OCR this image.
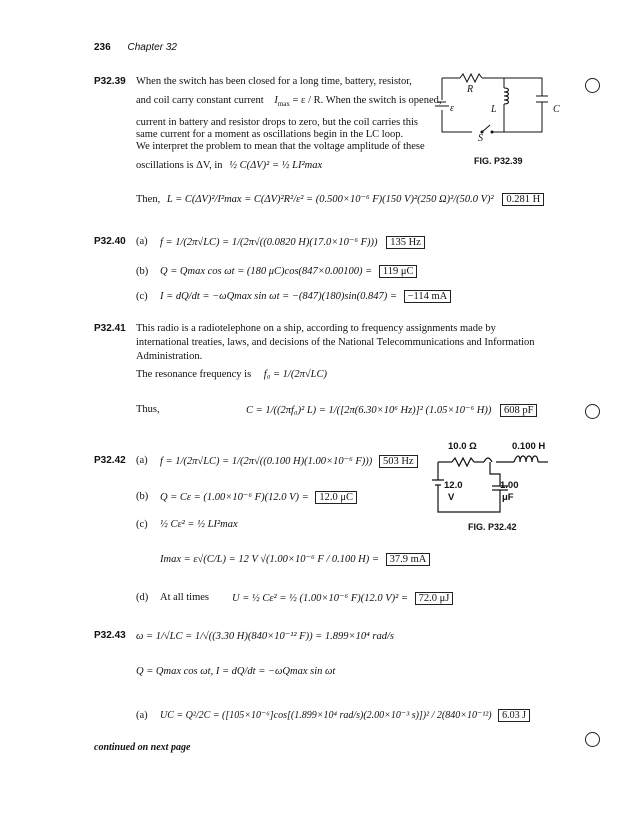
236 Chapter 32
P32.39 When the switch has been closed for a long time, battery, resistor,
and coil carry constant current $I_{max} = \varepsilon / R$. When the switch is opened,
current in battery and resistor drops to zero, but the coil carries this
same current for a moment as oscillations begin in the LC loop.
We interpret the problem to mean that the voltage amplitude of these
oscillations is ΔV, in ½ C(ΔV)² = ½ LI²max
Then, L = C(ΔV)²/I²max = C(ΔV)²R²/ε² = (0.500×10⁻⁶ F)(150 V)²(250 Ω)²/(50.0 V)² 0.281 H
R
ε	L	C
S
FIG. P32.39
P32.40 (a) f = 1/(2π√LC) = 1/(2π√((0.0820 H)(17.0×10⁻⁶ F))) 135 Hz
(b) Q = Qmax cos ωt = (180 μC)cos(847×0.00100) = 119 μC
(c) I = dQ/dt = −ωQmax sin ωt = −(847)(180)sin(0.847) = −114 mA
P32.41 This radio is a radiotelephone on a ship, according to frequency assignments made by
international treaties, laws, and decisions of the National Telecommunications and Information
Administration.
The resonance frequency is f₀ = 1/(2π√LC)
Thus,	C = 1/((2πf₀)² L) = 1/([2π(6.30×10⁶ Hz)]² (1.05×10⁻⁶ H)) 608 pF
P32.42 (a) f = 1/(2π√LC) = 1/(2π√((0.100 H)(1.00×10⁻⁶ F))) 503 Hz
(b) Q = Cε = (1.00×10⁻⁶ F)(12.0 V) = 12.0 μC
(c) ½ Cε² = ½ LI²max
Imax = ε√(C/L) = 12 V √(1.00×10⁻⁶ F / 0.100 H) = 37.9 mA
(d) At all times U = ½ Cε² = ½ (1.00×10⁻⁶ F)(12.0 V)² = 72.0 μJ
10.0 Ω	0.100 H
12.0
V
1.00
μF
FIG. P32.42
P32.43 ω = 1/√LC = 1/√((3.30 H)(840×10⁻¹² F)) = 1.899×10⁴ rad/s
Q = Qmax cos ωt, I = dQ/dt = −ωQmax sin ωt
(a) UC = Q²/2C = ([105×10⁻⁶]cos[(1.899×10⁴ rad/s)(2.00×10⁻³ s)])² / 2(840×10⁻¹²) 6.03 J
continued on next page
